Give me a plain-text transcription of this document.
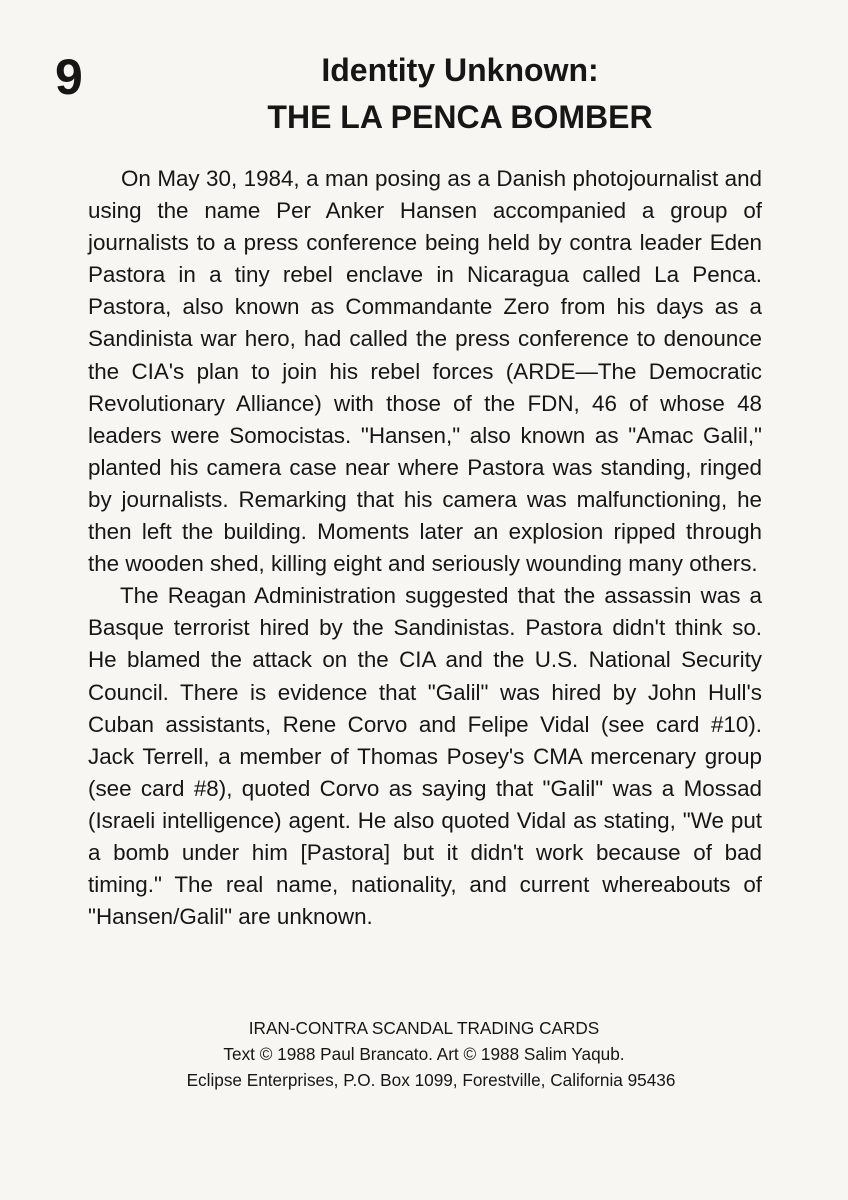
9	Identity Unknown:
THE LA PENCA BOMBER

On May 30, 1984, a man posing as a Danish photojournalist and using the name Per Anker Hansen accompanied a group of journalists to a press conference being held by contra leader Eden Pastora in a tiny rebel enclave in Nicaragua called La Penca. Pastora, also known as Commandante Zero from his days as a Sandinista war hero, had called the press conference to denounce the CIA's plan to join his rebel forces (ARDE—The Democratic Revolutionary Alliance) with those of the FDN, 46 of whose 48 leaders were Somocistas. "Hansen," also known as "Amac Galil," planted his camera case near where Pastora was standing, ringed by journalists. Remarking that his camera was malfunctioning, he then left the building. Moments later an explosion ripped through the wooden shed, killing eight and seriously wounding many others.

The Reagan Administration suggested that the assassin was a Basque terrorist hired by the Sandinistas. Pastora didn't think so. He blamed the attack on the CIA and the U.S. National Security Council. There is evidence that "Galil" was hired by John Hull's Cuban assistants, Rene Corvo and Felipe Vidal (see card #10). Jack Terrell, a member of Thomas Posey's CMA mercenary group (see card #8), quoted Corvo as saying that "Galil" was a Mossad (Israeli intelligence) agent. He also quoted Vidal as stating, "We put a bomb under him [Pastora] but it didn't work because of bad timing." The real name, nationality, and current whereabouts of "Hansen/Galil" are unknown.

IRAN-CONTRA SCANDAL TRADING CARDS
Text © 1988 Paul Brancato. Art © 1988 Salim Yaqub.
Eclipse Enterprises, P.O. Box 1099, Forestville, California 95436
